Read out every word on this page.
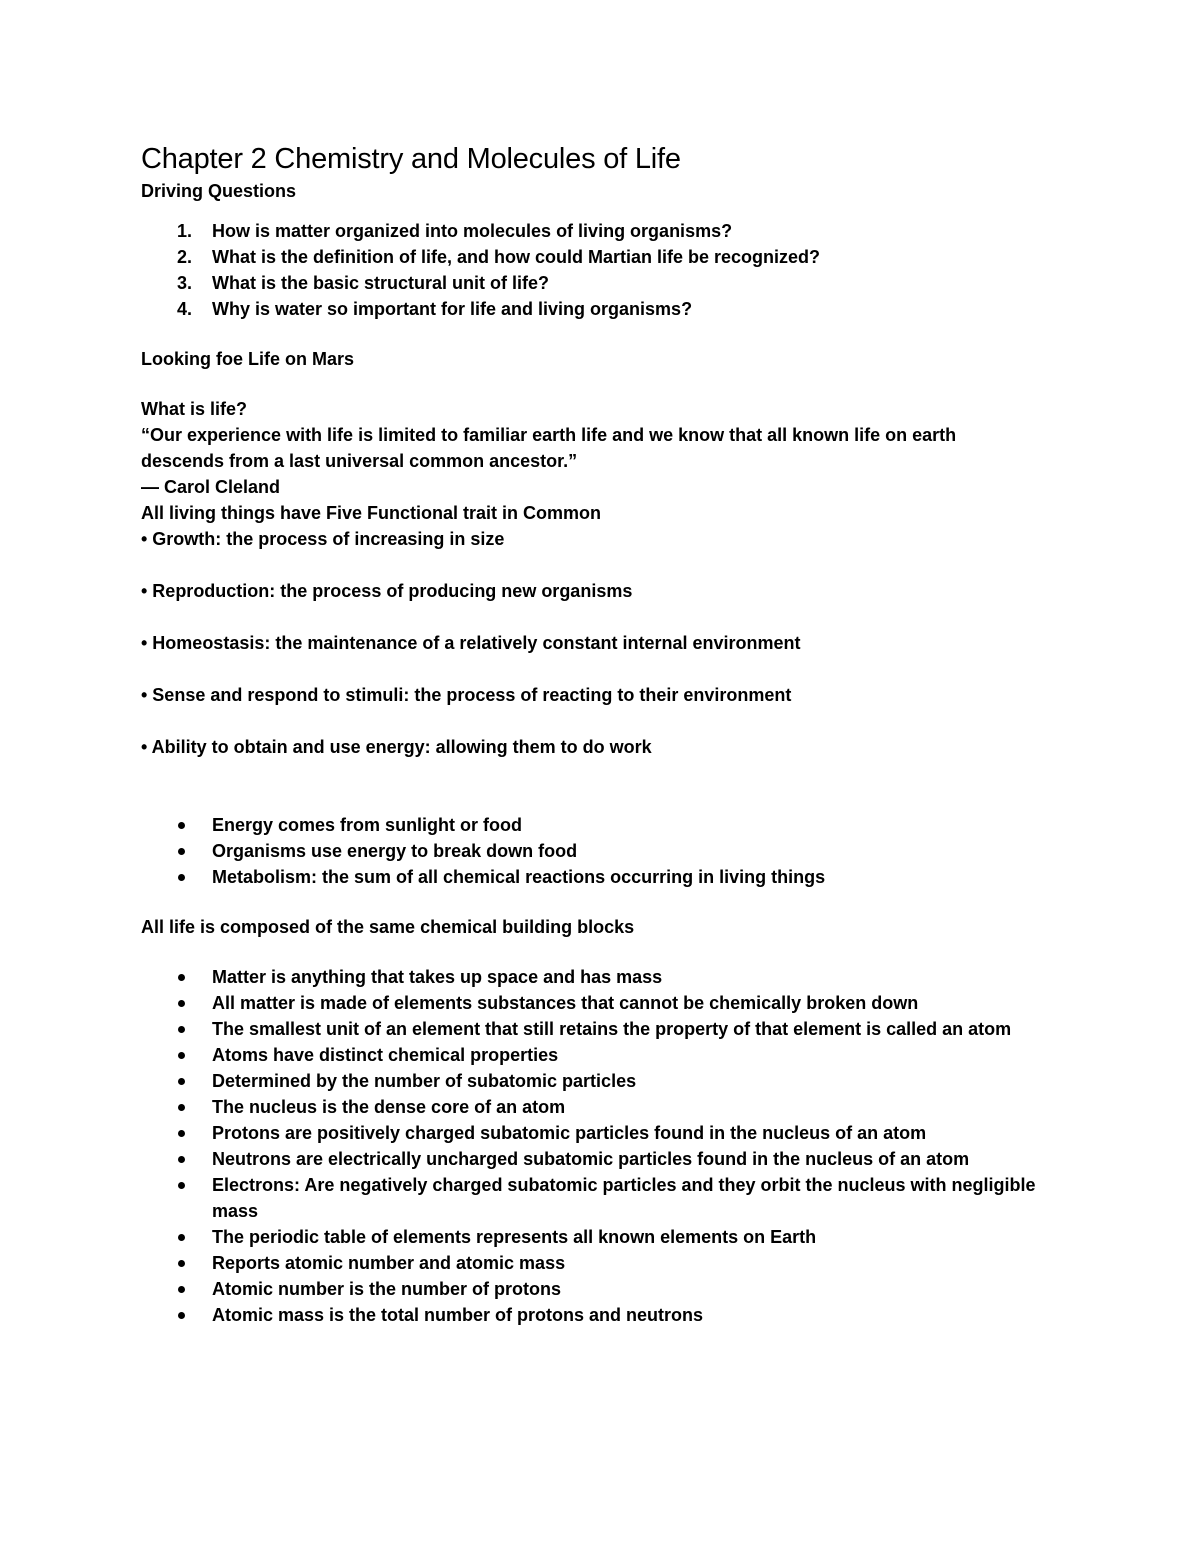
Chapter 2 Chemistry and Molecules of Life

Driving Questions

1. How is matter organized into molecules of living organisms?
2. What is the definition of life, and how could Martian life be recognized?
3. What is the basic structural unit of life?
4. Why is water so important for life and living organisms?

Looking foe Life on Mars

What is life?

“Our experience with life is limited to familiar earth life and we know that all known life on earth

descends from a last universal common ancestor.”

— Carol Cleland

All living things have Five Functional trait in Common

• Growth: the process of increasing in size

• Reproduction: the process of producing new organisms

• Homeostasis: the maintenance of a relatively constant internal environment

• Sense and respond to stimuli: the process of reacting to their environment

• Ability to obtain and use energy: allowing them to do work

Energy comes from sunlight or food
Organisms use energy to break down food
Metabolism: the sum of all chemical reactions occurring in living things

All life is composed of the same chemical building blocks

Matter is anything that takes up space and has mass
All matter is made of elements substances that cannot be chemically broken down
The smallest unit of an element that still retains the property of that element is called an atom
Atoms have distinct chemical properties
Determined by the number of subatomic particles
The nucleus is the dense core of an atom
Protons are positively charged subatomic particles found in the nucleus of an atom
Neutrons are electrically uncharged subatomic particles found in the nucleus of an atom
Electrons: Are negatively charged subatomic particles and they orbit the nucleus with negligible mass
The periodic table of elements represents all known elements on Earth
Reports atomic number and atomic mass
Atomic number is the number of protons
Atomic mass is the total number of protons and neutrons
